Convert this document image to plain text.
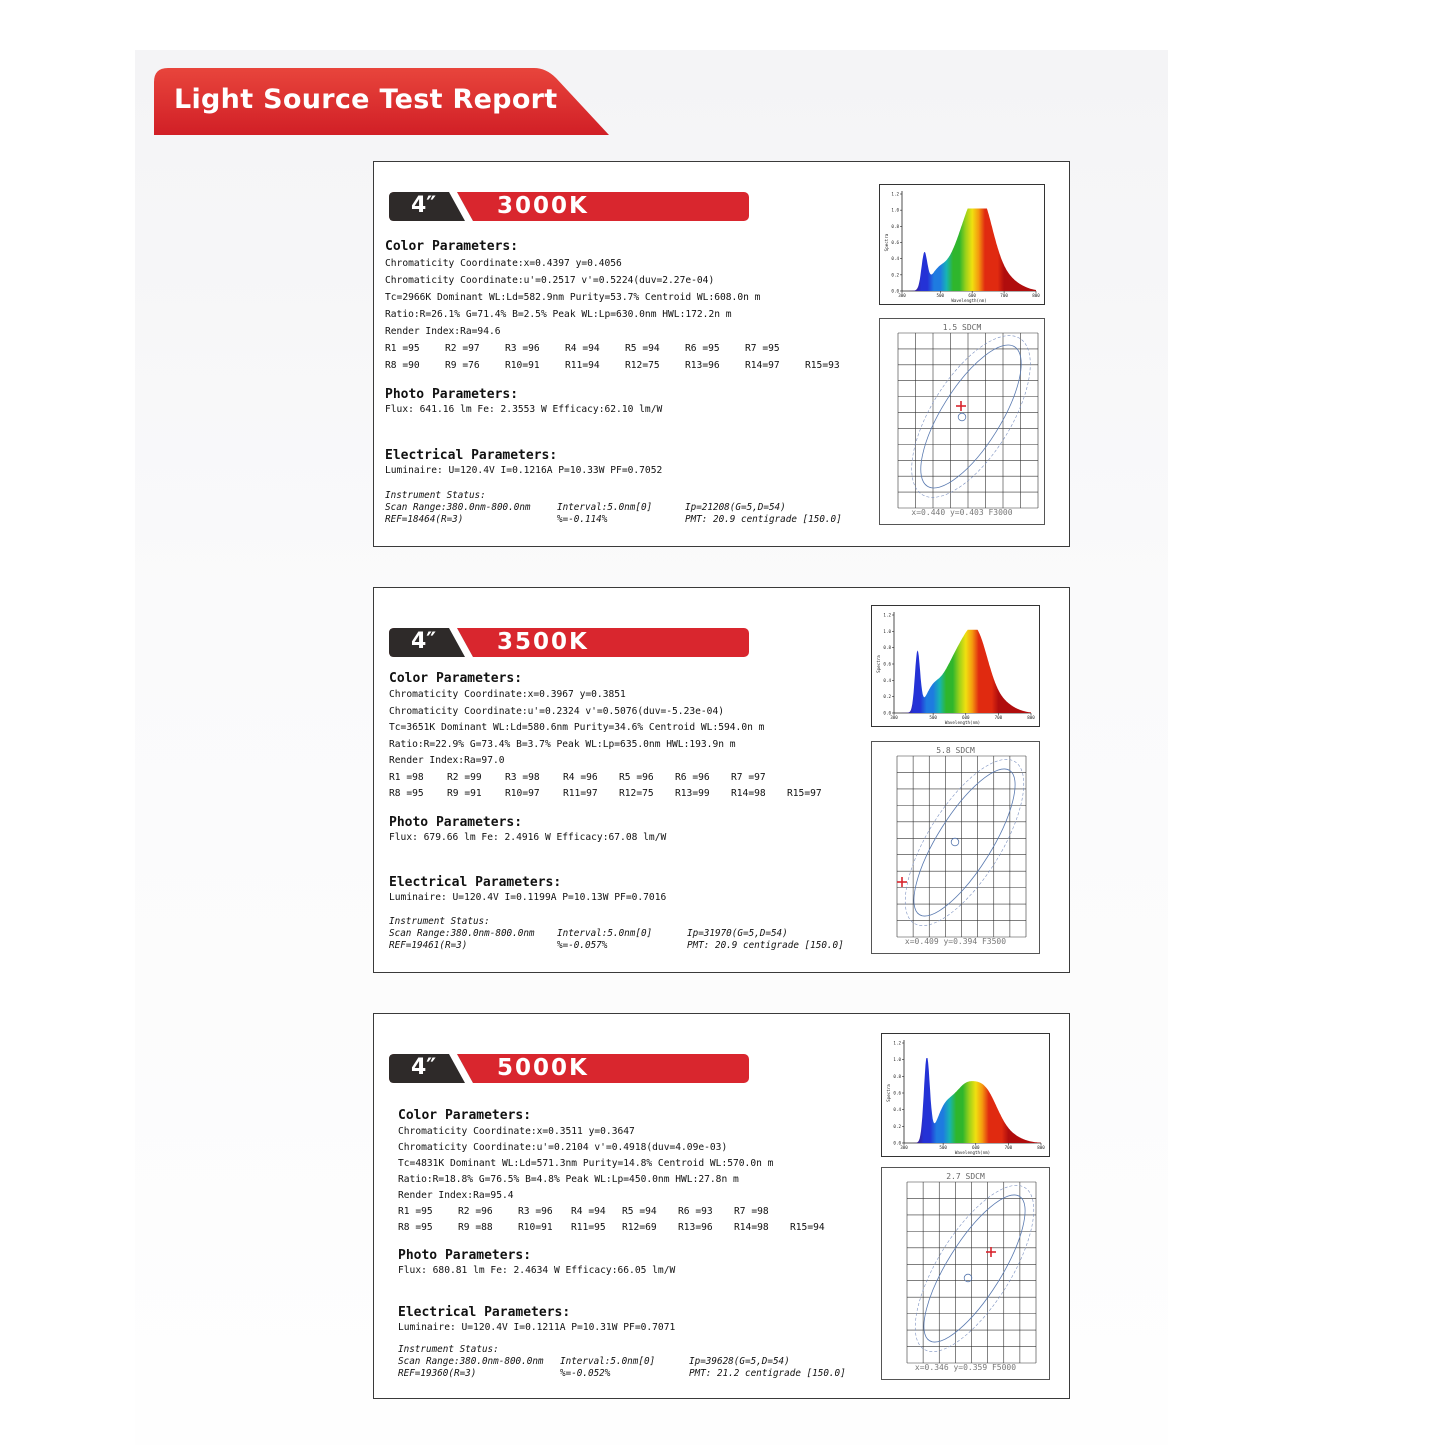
Light Source Test Report
4″	3000K
Color Parameters:
Chromaticity Coordinate:x=0.4397 y=0.4056
Chromaticity Coordinate:u'=0.2517 v'=0.5224(duv=2.27e-04)
Tc=2966K Dominant WL:Ld=582.9nm Purity=53.7% Centroid WL:608.0n m
Ratio:R=26.1% G=71.4% B=2.5% Peak WL:Lp=630.0nm HWL:172.2n m
Render Index:Ra=94.6
R1 =95	R2 =97	R3 =96	R4 =94	R5 =94	R6 =95	R7 =95
R8 =90	R9 =76	R10=91	R11=94	R12=75	R13=96	R14=97	R15=93
Photo Parameters:
Flux: 641.16 lm Fe: 2.3553 W Efficacy:62.10 lm/W
Electrical Parameters:
Luminaire: U=120.4V I=0.1216A P=10.33W PF=0.7052
Instrument Status:
Scan Range:380.0nm-800.0nm	Interval:5.0nm[0]	Ip=21208(G=5,D=54)
REF=18464(R=3)	%=-0.114%	PMT: 20.9 centigrade [150.0]
1.2
1.0
0.8
0.6
0.4
0.2
0.0
380	500	600	700	800
Wavelength(nm)
Spectra
1.5 SDCM
x=0.440 y=0.403 F3000
4″	3500K
Color Parameters:
Chromaticity Coordinate:x=0.3967 y=0.3851
Chromaticity Coordinate:u'=0.2324 v'=0.5076(duv=-5.23e-04)
Tc=3651K Dominant WL:Ld=580.6nm Purity=34.6% Centroid WL:594.0n m
Ratio:R=22.9% G=73.4% B=3.7% Peak WL:Lp=635.0nm HWL:193.9n m
Render Index:Ra=97.0
R1 =98 R2 =99 R3 =98 R4 =96 R5 =96 R6 =96 R7 =97
R8 =95 R9 =91 R10=97 R11=97 R12=75 R13=99 R14=98 R15=97
Photo Parameters:
Flux: 679.66 lm Fe: 2.4916 W Efficacy:67.08 lm/W
Electrical Parameters:
Luminaire: U=120.4V I=0.1199A P=10.13W PF=0.7016
Instrument Status:
Scan Range:380.0nm-800.0nm Interval:5.0nm[0]	Ip=31970(G=5,D=54)
REF=19461(R=3)	%=-0.057%	PMT: 20.9 centigrade [150.0]
1.2
1.0
0.8
0.6
0.4
0.2
0.0
380	500	600	700	800
Wavelength(nm)
Spectra
5.8 SDCM
x=0.409 y=0.394 F3500
4″	5000K
Color Parameters:
Chromaticity Coordinate:x=0.3511 y=0.3647
Chromaticity Coordinate:u'=0.2104 v'=0.4918(duv=4.09e-03)
Tc=4831K Dominant WL:Ld=571.3nm Purity=14.8% Centroid WL:570.0n m
Ratio:R=18.8% G=76.5% B=4.8% Peak WL:Lp=450.0nm HWL:27.8n m
Render Index:Ra=95.4
R1 =95	R2 =96	R3 =96 R4 =94 R5 =94 R6 =93 R7 =98
R8 =95	R9 =88	R10=91 R11=95 R12=69 R13=96 R14=98 R15=94
Photo Parameters:
Flux: 680.81 lm Fe: 2.4634 W Efficacy:66.05 lm/W
Electrical Parameters:
Luminaire: U=120.4V I=0.1211A P=10.31W PF=0.7071
Instrument Status:
Scan Range:380.0nm-800.0nm Interval:5.0nm[0]	Ip=39628(G=5,D=54)
REF=19360(R=3)	%=-0.052%	PMT: 21.2 centigrade [150.0]
1.2
1.0
0.8
0.6
0.4
0.2
0.0
380	500	600	700	800
Wavelength(nm)
Spectra
2.7 SDCM
x=0.346 y=0.359 F5000
